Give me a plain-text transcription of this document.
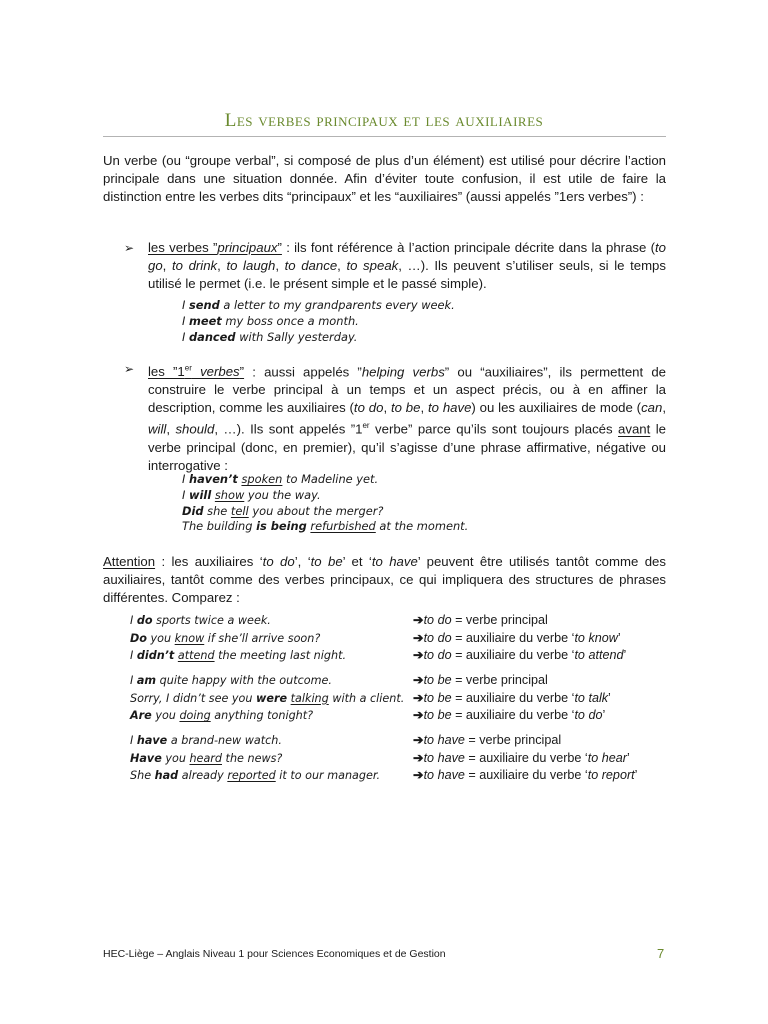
Les verbes principaux et les auxiliaires
Un verbe (ou “groupe verbal”, si composé de plus d’un élément) est utilisé pour décrire l’action principale dans une situation donnée. Afin d’éviter toute confusion, il est utile de faire la distinction entre les verbes dits “principaux” et les “auxiliaires” (aussi appelés ”1ers verbes”) :
➢ les verbes ”principaux” : ils font référence à l’action principale décrite dans la phrase (to go, to drink, to laugh, to dance, to speak, …). Ils peuvent s’utiliser seuls, si le temps utilisé le permet (i.e. le présent simple et le passé simple).
I send a letter to my grandparents every week.
I meet my boss once a month.
I danced with Sally yesterday.
➢ les ”1er verbes” : aussi appelés ”helping verbs” ou “auxiliaires”, ils permettent de construire le verbe principal à un temps et un aspect précis, ou à en affiner la description, comme les auxiliaires (to do, to be, to have) ou les auxiliaires de mode (can, will, should, …). Ils sont appelés ”1er verbe” parce qu’ils sont toujours placés avant le verbe principal (donc, en premier), qu’il s’agisse d’une phrase affirmative, négative ou interrogative :
I haven’t spoken to Madeline yet.
I will show you the way.
Did she tell you about the merger?
The building is being refurbished at the moment.
Attention : les auxiliaires ‘to do’, ‘to be’ et ‘to have’ peuvent être utilisés tantôt comme des auxiliaires, tantôt comme des verbes principaux, ce qui impliquera des structures de phrases différentes. Comparez :
I do sports twice a week.
Do you know if she’ll arrive soon?
I didn’t attend the meeting last night.
➔to do = verbe principal
➔to do = auxiliaire du verbe ‘to know’
➔to do = auxiliaire du verbe ‘to attend’
I am quite happy with the outcome.
Sorry, I didn’t see you were talking with a client.
Are you doing anything tonight?
➔to be = verbe principal
➔to be = auxiliaire du verbe ‘to talk’
➔to be = auxiliaire du verbe ‘to do’
I have a brand-new watch.
Have you heard the news?
She had already reported it to our manager.
➔to have = verbe principal
➔to have = auxiliaire du verbe ‘to hear’
➔to have = auxiliaire du verbe ‘to report’
HEC-Liège – Anglais Niveau 1 pour Sciences Economiques et de Gestion	7
